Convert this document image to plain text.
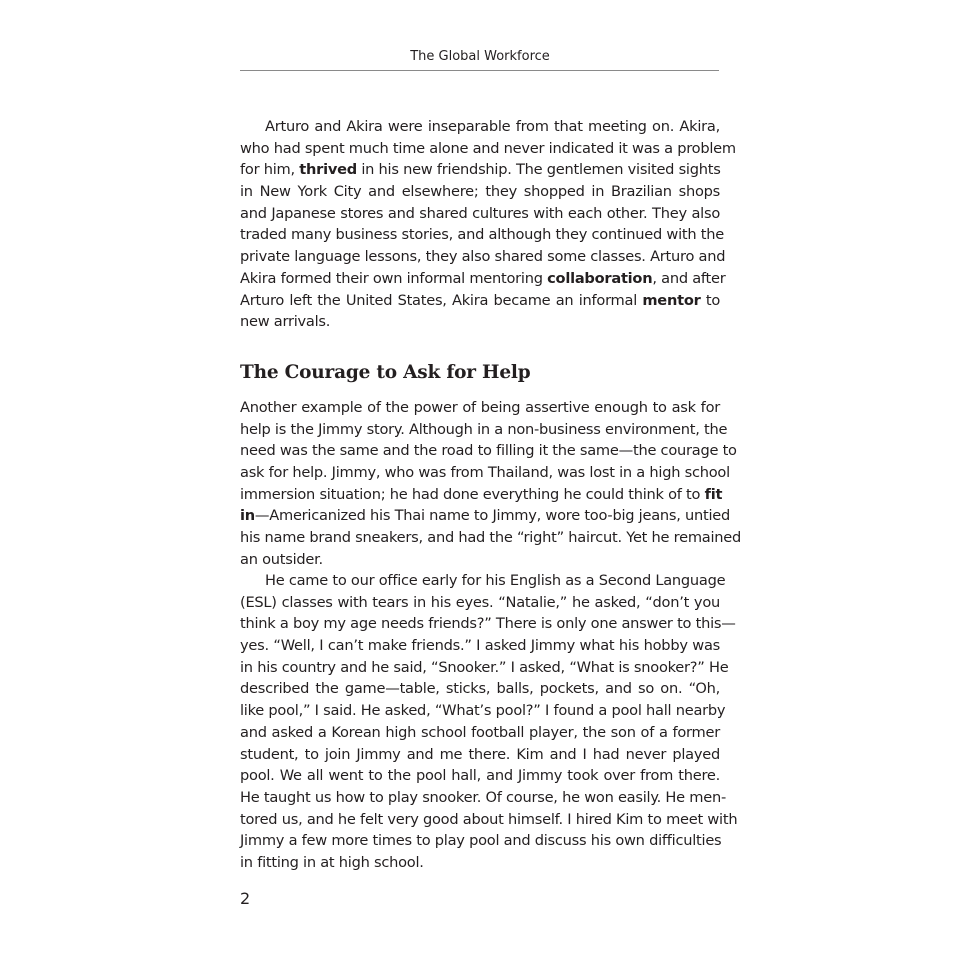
The Global Workforce
Arturo and Akira were inseparable from that meeting on. Akira,
who had spent much time alone and never indicated it was a problem
for him, thrived in his new friendship. The gentlemen visited sights
in New York City and elsewhere; they shopped in Brazilian shops
and Japanese stores and shared cultures with each other. They also
traded many business stories, and although they continued with the
private language lessons, they also shared some classes. Arturo and
Akira formed their own informal mentoring collaboration, and after
Arturo left the United States, Akira became an informal mentor to
new arrivals.
The Courage to Ask for Help
Another example of the power of being assertive enough to ask for
help is the Jimmy story. Although in a non-business environment, the
need was the same and the road to filling it the same—the courage to
ask for help. Jimmy, who was from Thailand, was lost in a high school
immersion situation; he had done everything he could think of to fit
in—Americanized his Thai name to Jimmy, wore too-big jeans, untied
his name brand sneakers, and had the “right” haircut. Yet he remained
an outsider.
He came to our office early for his English as a Second Language
(ESL) classes with tears in his eyes. “Natalie,” he asked, “don’t you
think a boy my age needs friends?” There is only one answer to this—
yes. “Well, I can’t make friends.” I asked Jimmy what his hobby was
in his country and he said, “Snooker.” I asked, “What is snooker?” He
described the game—table, sticks, balls, pockets, and so on. “Oh,
like pool,” I said. He asked, “What’s pool?” I found a pool hall nearby
and asked a Korean high school football player, the son of a former
student, to join Jimmy and me there. Kim and I had never played
pool. We all went to the pool hall, and Jimmy took over from there.
He taught us how to play snooker. Of course, he won easily. He men-
tored us, and he felt very good about himself. I hired Kim to meet with
Jimmy a few more times to play pool and discuss his own difficulties
in fitting in at high school.
2
